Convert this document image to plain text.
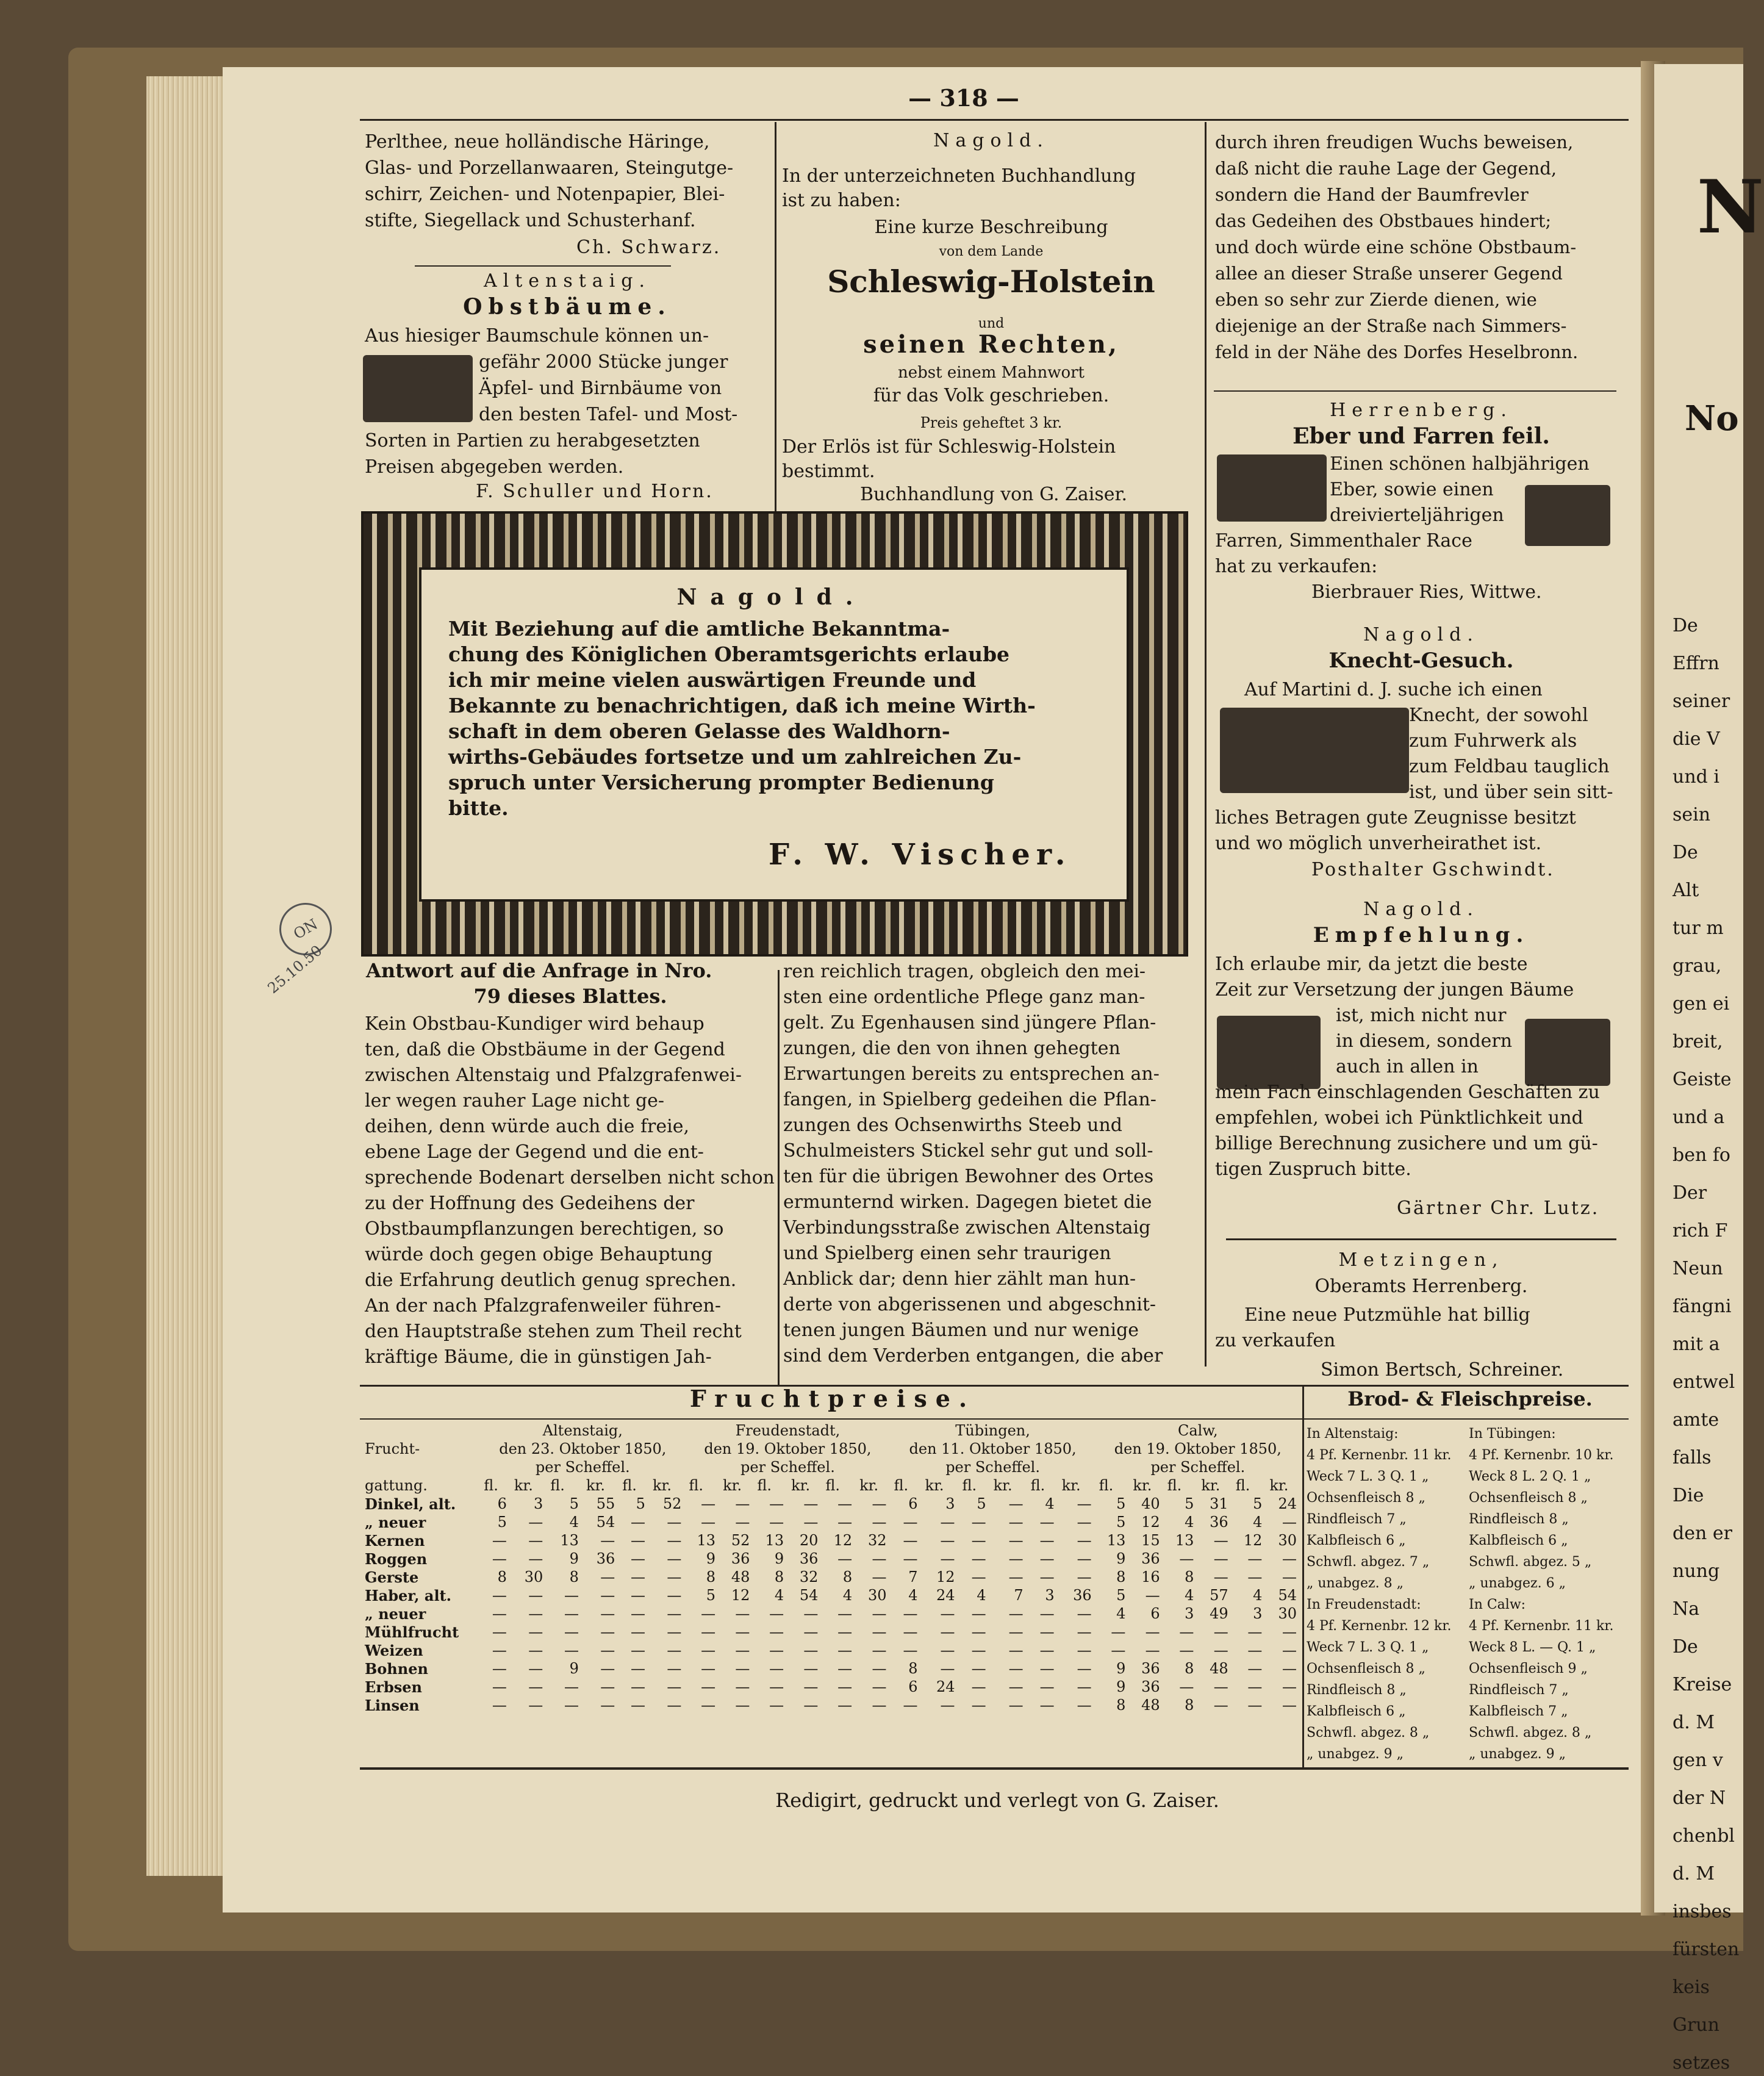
N
No
De
Effrn
seiner
die V
und i
sein
De
Alt
tur m
grau,
gen ei
breit,
Geiste
und a
ben fo
Der
rich F
Neun
fängni
mit a
entwel
amte
falls
Die
den er
nung
Na
De
Kreise
d. M
gen v
der N
chenbl
d. M
insbes
fürsten
keis
Grun
setzes
— 318 —
Perlthee, neue holländische Häringe,
Glas- und Porzellanwaaren, Steingutge-
schirr, Zeichen- und Notenpapier, Blei-
stifte, Siegellack und Schusterhanf.
Ch. Schwarz.
Altenstaig.
Obstbäume.
Aus hiesiger Baumschule können un-
gefähr 2000 Stücke junger
Äpfel- und Birnbäume von
den besten Tafel- und Most-
Sorten in Partien zu herabgesetzten
Preisen abgegeben werden.
F. Schuller und Horn.
Nagold.
In der unterzeichneten Buchhandlung
ist zu haben:
Eine kurze Beschreibung
von dem Lande
Schleswig-Holstein
und
seinen Rechten,
nebst einem Mahnwort
für das Volk geschrieben.
Preis geheftet 3 kr.
Der Erlös ist für Schleswig-Holstein
bestimmt.
Buchhandlung von G. Zaiser.
Nagold.
Mit Beziehung auf die amtliche Bekanntma-
chung des Königlichen Oberamtsgerichts erlaube
ich mir meine vielen auswärtigen Freunde und
Bekannte zu benachrichtigen, daß ich meine Wirth-
schaft in dem oberen Gelasse des Waldhorn-
wirths-Gebäudes fortsetze und um zahlreichen Zu-
spruch unter Versicherung prompter Bedienung
bitte.
F. W. Vischer.
Antwort auf die Anfrage in Nro.
79 dieses Blattes.
Kein Obstbau-Kundiger wird behaup
ten, daß die Obstbäume in der Gegend
zwischen Altenstaig und Pfalzgrafenwei-
ler wegen rauher Lage nicht ge-
deihen, denn würde auch die freie,
ebene Lage der Gegend und die ent-
sprechende Bodenart derselben nicht schon
zu der Hoffnung des Gedeihens der
Obstbaumpflanzungen berechtigen, so
würde doch gegen obige Behauptung
die Erfahrung deutlich genug sprechen.
An der nach Pfalzgrafenweiler führen-
den Hauptstraße stehen zum Theil recht
kräftige Bäume, die in günstigen Jah-
ren reichlich tragen, obgleich den mei-
sten eine ordentliche Pflege ganz man-
gelt. Zu Egenhausen sind jüngere Pflan-
zungen, die den von ihnen gehegten
Erwartungen bereits zu entsprechen an-
fangen, in Spielberg gedeihen die Pflan-
zungen des Ochsenwirths Steeb und
Schulmeisters Stickel sehr gut und soll-
ten für die übrigen Bewohner des Ortes
ermunternd wirken. Dagegen bietet die
Verbindungsstraße zwischen Altenstaig
und Spielberg einen sehr traurigen
Anblick dar; denn hier zählt man hun-
derte von abgerissenen und abgeschnit-
tenen jungen Bäumen und nur wenige
sind dem Verderben entgangen, die aber
durch ihren freudigen Wuchs beweisen,
daß nicht die rauhe Lage der Gegend,
sondern die Hand der Baumfrevler
das Gedeihen des Obstbaues hindert;
und doch würde eine schöne Obstbaum-
allee an dieser Straße unserer Gegend
eben so sehr zur Zierde dienen, wie
diejenige an der Straße nach Simmers-
feld in der Nähe des Dorfes Heselbronn.
Herrenberg.
Eber und Farren feil.
Einen schönen halbjährigen
Eber, sowie einen
dreivierteljährigen
Farren, Simmenthaler Race
hat zu verkaufen:
Bierbrauer Ries, Wittwe.
Nagold.
Knecht-Gesuch.
Auf Martini d. J. suche ich einen
Knecht, der sowohl
zum Fuhrwerk als
zum Feldbau tauglich
ist, und über sein sitt-
liches Betragen gute Zeugnisse besitzt
und wo möglich unverheirathet ist.
Posthalter Gschwindt.
Nagold.
Empfehlung.
Ich erlaube mir, da jetzt die beste
Zeit zur Versetzung der jungen Bäume
ist, mich nicht nur
in diesem, sondern
auch in allen in
mein Fach einschlagenden Geschäften zu
empfehlen, wobei ich Pünktlichkeit und
billige Berechnung zusichere und um gü-
tigen Zuspruch bitte.
Gärtner Chr. Lutz.
Metzingen,
Oberamts Herrenberg.
Eine neue Putzmühle hat billig
zu verkaufen
Simon Bertsch, Schreiner.
Fruchtpreise.	Brod- & Fleischpreise.
Frucht-	Altenstaig,						Freudenstadt,						Tübingen,						Calw,					
	den 23. Oktober 1850,						den 19. Oktober 1850,						den 11. Oktober 1850,						den 19. Oktober 1850,					
	per Scheffel.						per Scheffel.						per Scheffel.						per Scheffel.					
gattung.	fl.	kr.	fl.	kr.	fl.	kr.	fl.	kr.	fl.	kr.	fl.	kr.	fl.	kr.	fl.	kr.	fl.	kr.	fl.	kr.	fl.	kr.	fl.	kr.
Dinkel, alt.	6	3	5	55	5	52	—	—	—	—	—	—	6	3	5	—	4	—	5	40	5	31	5	24
„ neuer	5	—	4	54	—	—	—	—	—	—	—	—	—	—	—	—	—	—	5	12	4	36	4	—
Kernen	—	—	13	—	—	—	13	52	13	20	12	32	—	—	—	—	—	—	13	15	13	—	12	30
Roggen	—	—	9	36	—	—	9	36	9	36	—	—	—	—	—	—	—	—	9	36	—	—	—	—
Gerste	8	30	8	—	—	—	8	48	8	32	8	—	7	12	—	—	—	—	8	16	8	—	—	—
Haber, alt.	—	—	—	—	—	—	5	12	4	54	4	30	4	24	4	7	3	36	5	—	4	57	4	54
„ neuer	—	—	—	—	—	—	—	—	—	—	—	—	—	—	—	—	—	—	4	6	3	49	3	30
Mühlfrucht	—	—	—	—	—	—	—	—	—	—	—	—	—	—	—	—	—	—	—	—	—	—	—	—
Weizen	—	—	—	—	—	—	—	—	—	—	—	—	—	—	—	—	—	—	—	—	—	—	—	—
Bohnen	—	—	9	—	—	—	—	—	—	—	—	—	8	—	—	—	—	—	9	36	8	48	—	—
Erbsen	—	—	—	—	—	—	—	—	—	—	—	—	6	24	—	—	—	—	9	36	—	—	—	—
Linsen	—	—	—	—	—	—	—	—	—	—	—	—	—	—	—	—	—	—	8	48	8	—	—	—
In Altenstaig:
4 Pf. Kernenbr. 11 kr.
Weck 7 L. 3 Q. 1 „
Ochsenfleisch 8 „
Rindfleisch 7 „
Kalbfleisch 6 „
Schwfl. abgez. 7 „
„ unabgez. 8 „
In Freudenstadt:
4 Pf. Kernenbr. 12 kr.
Weck 7 L. 3 Q. 1 „
Ochsenfleisch 8 „
Rindfleisch 8 „
Kalbfleisch 6 „
Schwfl. abgez. 8 „
„ unabgez. 9 „
In Tübingen:
4 Pf. Kernenbr. 10 kr.
Weck 8 L. 2 Q. 1 „
Ochsenfleisch 8 „
Rindfleisch 8 „
Kalbfleisch 6 „
Schwfl. abgez. 5 „
„ unabgez. 6 „
In Calw:
4 Pf. Kernenbr. 11 kr.
Weck 8 L. — Q. 1 „
Ochsenfleisch 9 „
Rindfleisch 7 „
Kalbfleisch 7 „
Schwfl. abgez. 8 „
„ unabgez. 9 „
Redigirt, gedruckt und verlegt von G. Zaiser.
ON
25.10.50
